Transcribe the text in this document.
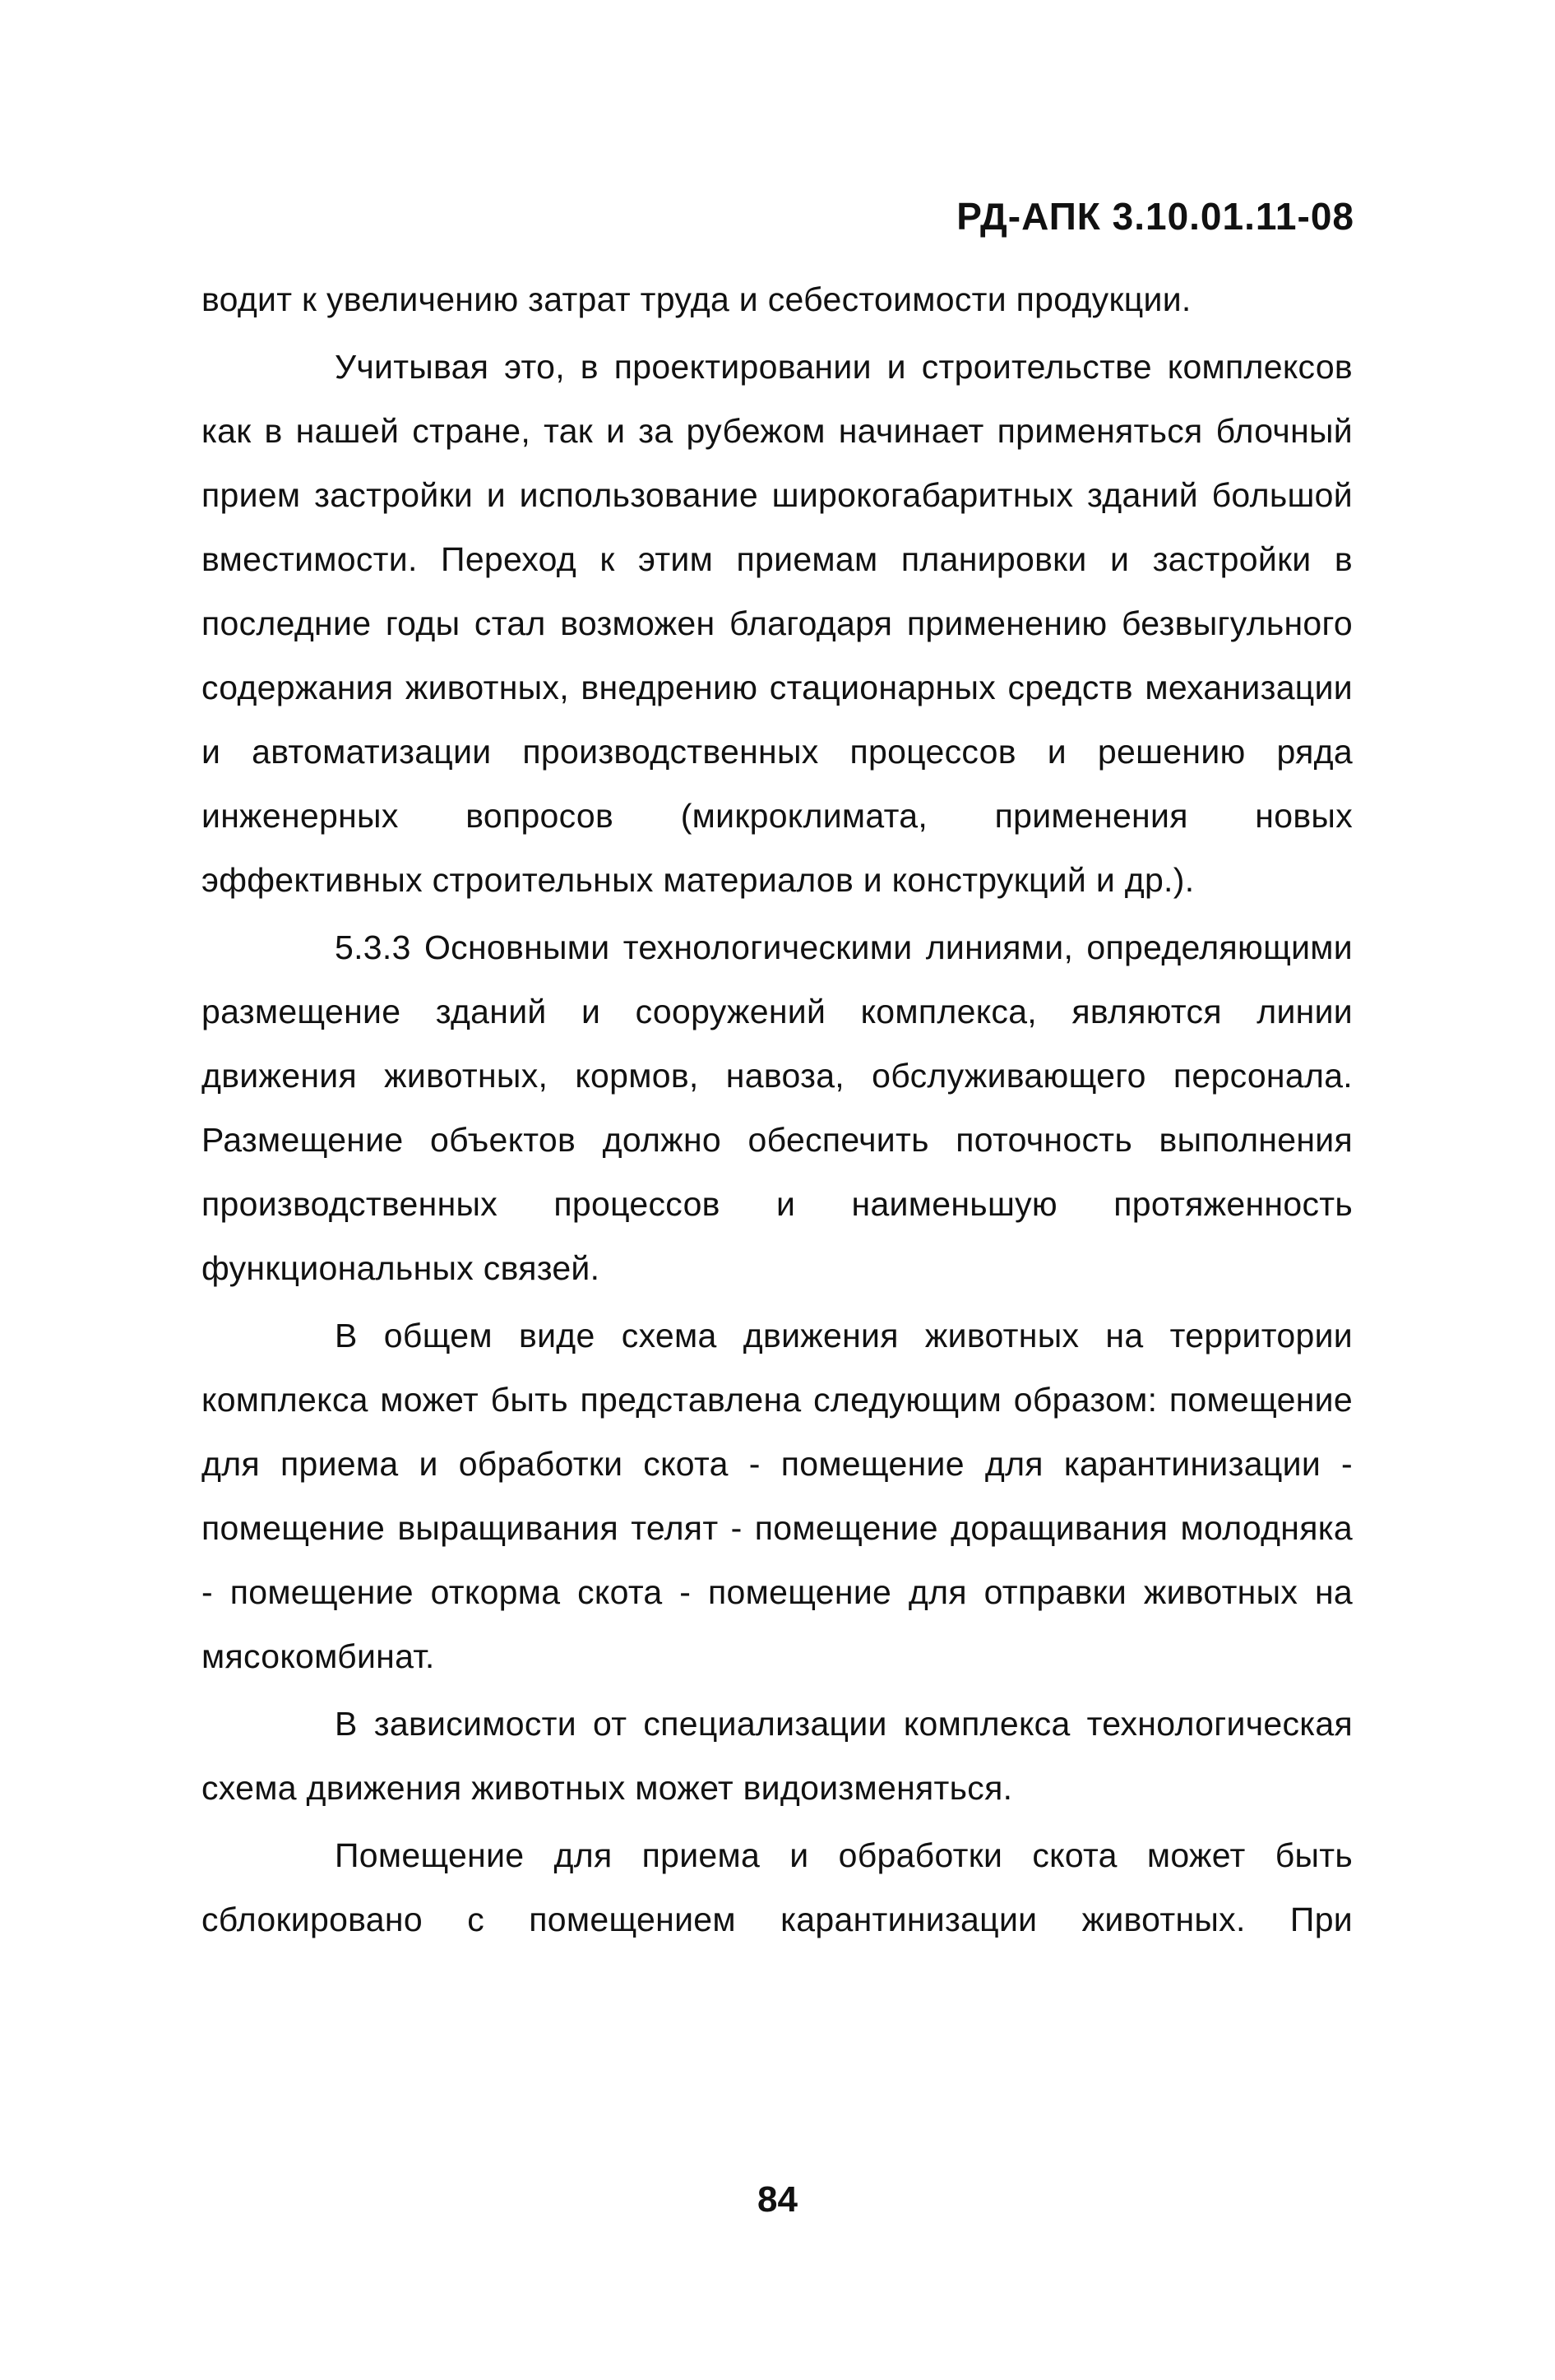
РД-АПК 3.10.01.11-08

водит к увеличению затрат труда и себестоимости продукции.

Учитывая это, в проектировании и строительстве комплексов как в нашей стране, так и за рубежом начинает применяться блочный прием застройки и использование широкогабаритных зданий большой вместимости. Переход к этим приемам планировки и застройки в последние годы стал возможен благодаря применению безвыгульного содержания животных, внедрению стационарных средств механизации и автоматизации производственных процессов и решению ряда инженерных вопросов (микроклимата, применения новых эффективных строительных материалов и конструкций и др.).

5.3.3 Основными технологическими линиями, определяющими размещение зданий и сооружений комплекса, являются линии движения животных, кормов, навоза, обслуживающего персонала. Размещение объектов должно обеспечить поточность выполнения производственных процессов и наименьшую протяженность функциональных связей.

В общем виде схема движения животных на территории комплекса может быть представлена следующим образом: помещение для приема и обработки скота - помещение для карантинизации - помещение выращивания телят - помещение доращивания молодняка - помещение откорма скота - помещение для отправки животных на мясокомбинат.

В зависимости от специализации комплекса технологическая схема движения животных может видоизменяться.

Помещение для приема и обработки скота может быть сблокировано с помещением карантинизации животных. При

84
